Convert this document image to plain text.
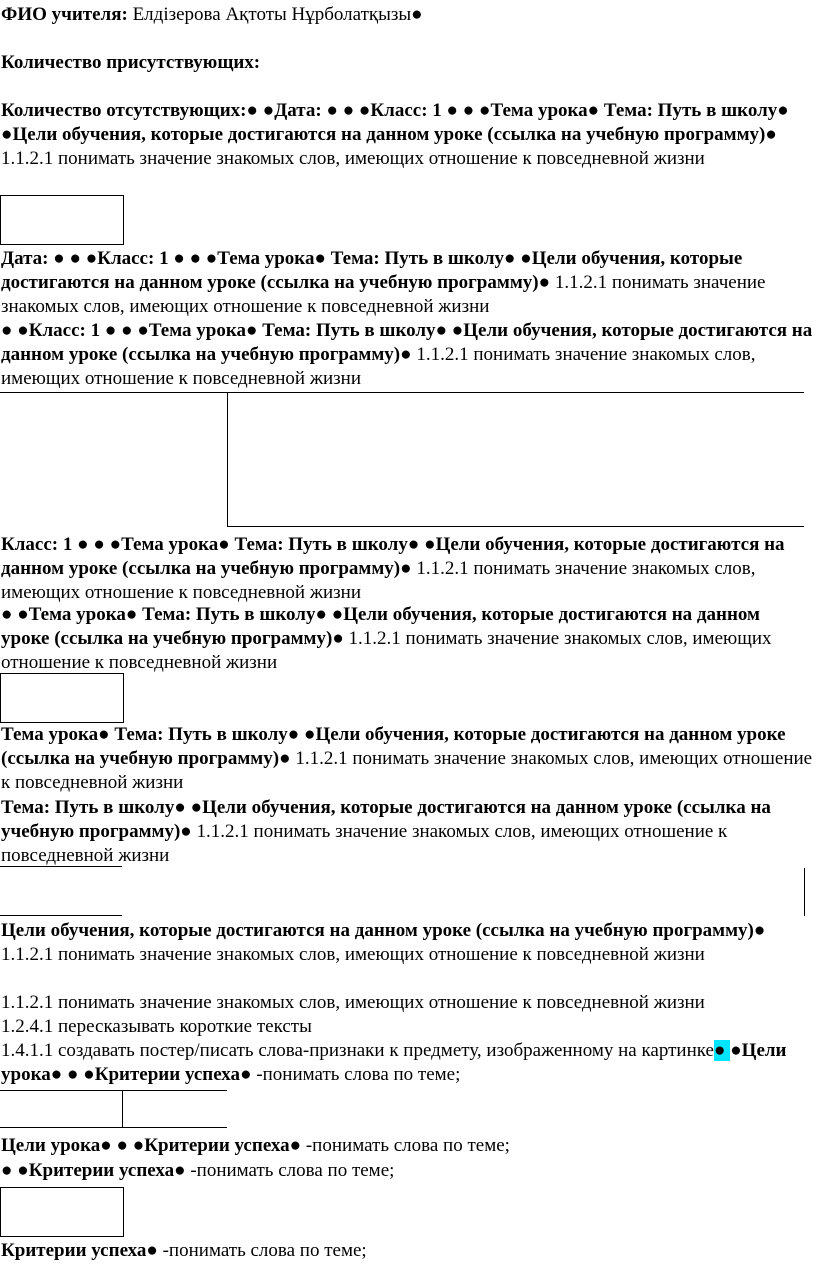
ФИО учителя: Елдізерова Ақтоты Нұрболатқызы●
Количество присутствующих:
Количество отсутствующих:● ●Дата: ● ● ●Класс: 1 ● ● ●Тема урока● Тема: Путь в школу● ●Цели обучения, которые достигаются на данном уроке (ссылка на учебную программу)● 1.1.2.1 понимать значение знакомых слов, имеющих отношение к повседневной жизни
Дата: ● ● ●Класс: 1 ● ● ●Тема урока● Тема: Путь в школу● ●Цели обучения, которые достигаются на данном уроке (ссылка на учебную программу)● 1.1.2.1 понимать значение знакомых слов, имеющих отношение к повседневной жизни
● ●Класс: 1 ● ● ●Тема урока● Тема: Путь в школу● ●Цели обучения, которые достигаются на данном уроке (ссылка на учебную программу)● 1.1.2.1 понимать значение знакомых слов, имеющих отношение к повседневной жизни
Класс: 1 ● ● ●Тема урока● Тема: Путь в школу● ●Цели обучения, которые достигаются на данном уроке (ссылка на учебную программу)● 1.1.2.1 понимать значение знакомых слов, имеющих отношение к повседневной жизни
● ●Тема урока● Тема: Путь в школу● ●Цели обучения, которые достигаются на данном уроке (ссылка на учебную программу)● 1.1.2.1 понимать значение знакомых слов, имеющих отношение к повседневной жизни
Тема урока● Тема: Путь в школу● ●Цели обучения, которые достигаются на данном уроке (ссылка на учебную программу)● 1.1.2.1 понимать значение знакомых слов, имеющих отношение к повседневной жизни
Тема: Путь в школу● ●Цели обучения, которые достигаются на данном уроке (ссылка на учебную программу)● 1.1.2.1 понимать значение знакомых слов, имеющих отношение к повседневной жизни
Цели обучения, которые достигаются на данном уроке (ссылка на учебную программу)● 1.1.2.1 понимать значение знакомых слов, имеющих отношение к повседневной жизни
1.1.2.1 понимать значение знакомых слов, имеющих отношение к повседневной жизни
1.2.4.1 пересказывать короткие тексты
1.4.1.1 создавать постер/писать слова-признаки к предмету, изображенному на картинке● ●Цели урока● ● ●Критерии успеха● -понимать слова по теме;
Цели урока● ● ●Критерии успеха● -понимать слова по теме;
● ●Критерии успеха● -понимать слова по теме;
Критерии успеха● -понимать слова по теме;
